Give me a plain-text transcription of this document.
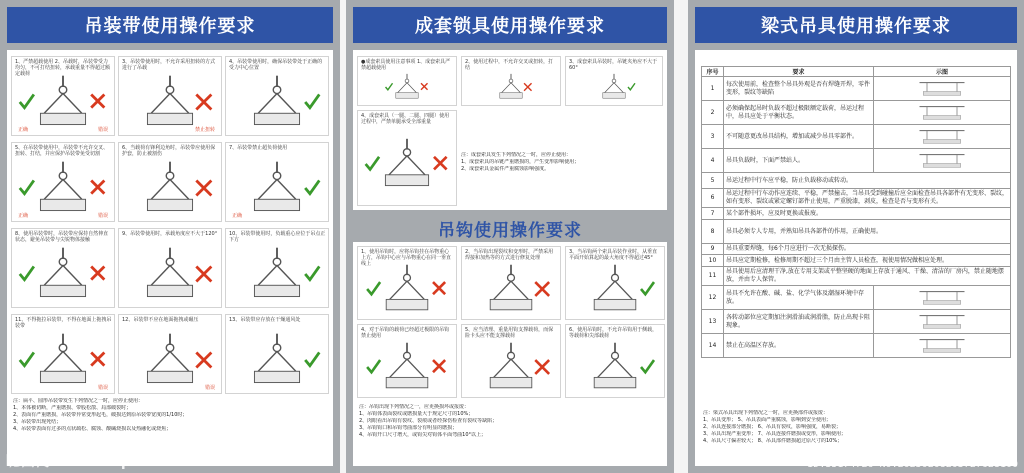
吊装带使用操作要求
1、严禁超载使用 2、吊载时，吊装带受力均匀，不可打结扭转，承载重量不得超过额定载荷
正确	错误
3、吊装带使用时，不允许采用扭转的方式进行了吊载
禁止扭转
4、吊装带使用时，确保吊装带处于正确的受力中心位置
5、在吊装带使用中，吊装带不允许交叉、扭转、打结，并应保护吊装带免受切割
正确	错误
6、当载荷有锋利边角时，吊装带应使用保护套，防止被割伤
7、吊装带禁止超负荷使用
正确
8、使用吊装带时，吊装带应保持自然伸直状态，避免吊装带与尖锐物体接触
9、吊装带使用时，承载角度应不大于120°	10、吊装带使用时，负载重心应位于吊点正下方
11、不得拖拉吊装带，不得在地面上拖拽吊装带
错误
12、吊装带不应在地面拖拽或碾压
错误
13、吊装带应存放在干燥通风处
注：扁平、圆形吊装带发生下列情况之一时，应停止使用：
1、本体被切断，严重磨损、带股松散、局部破裂时；
2、表面有严重磨损，吊装带异常变形起毛，破损达到原吊装带宽度的1/10时；
3、吊装带出现死结；
4、吊装带表面有过多的点状疏松、腐蚀、酸碱烧损以及热融化或烧焦；
昵图网 www.nipic.com
成套锁具使用操作要求
●成套索具使用注意事项 1、成套索具严禁超载使用
2、使用过程中，不允许交叉或扭转，打结
3、成套索具吊装时，吊链夹角应不大于60°
4、成套索具（一腿、二腿、四腿）使用过程中，严禁单腿承受全部重量
注：成套索具发生下列情况之一时，应停止使用：
1、成套索具的吊链严重磨损的，产生变形影响使用；
2、成套索具金属件严重腐蚀影响强度。
吊钩使用操作要求
1、使用吊钩时，应将吊钩挂在吊物重心上方，吊钩中心应与吊物重心在同一垂直线上
2、当吊钩出现裂纹和变形时，严禁采用焊接和加热等的方式进行修复处理
3、当吊钩两个索具吊装作业时，从垂直平面开始算起的最大角度不得超过45°
4、对于吊钩的载荷已经超过极限的吊钩禁止使用
5、应当清理、重量用钩支撑载荷，而保险卡头应不能支撑载荷
6、使用吊钩时，不允许吊钩用于侧载，等载荷和尖部载荷
注：吊钩出现下列情况之一，应更换损坏或报废：
1、吊钩体表面裂纹或磨损量大于规定尺寸的10%；
2、肉眼看出吊钩有裂纹、裂痕或者经探伤检查有裂纹等缺陷；
3、吊钩钩口和吊钩弯曲部分有明显的磨损；
4、吊钩开口尺寸增大，或钩尖对钩体平面弯曲10°以上；
梁式吊具使用操作要求
序号	要求	示图
1	每次使用前，检查整个吊具外观是否有焊缝开焊，零件变形，裂纹等缺陷	
2	必须确保起吊时负载不超过极限额定载荷，吊运过程中，吊具应处于平衡状态。	
3	不可随意更改吊具结构，增加或减少吊具零部件。	
4	吊具负载时，下面严禁站人。	
5	吊运过程中行车应平稳，防止负载移动或转动。	
6	吊运过程中行车动作应连续、平稳，严禁撞击，当吊具受到碰撞后应全面检查吊具各部件有无变形、裂纹，如有变形、裂纹或紧定螺钉部件止使用，严重脱漆，剥皮，检查是否与变形有关。	
7	某个部件损坏，应及时更换或报废。	
8	吊具必须专人专用，并熟知吊具各部件的作用，正确使用。	
9	吊具重要焊缝，每6个月应进行一次无损探伤。	
10	吊具应定期检修，检修周期不超过三个月由主管人员检查，视使用情况做相应处理。	
11	吊具使用后应清理干净,放在专用支架或平整坚硬的地面上存放于通风、干燥、清洁的厂房内，禁止随地摆放，并由专人保管。	
12	吊具不允许在酸、碱、盐、化学气体及潮湿环境中存放。	
13	各转动部位应定期加注润滑油或润滑脂，防止出现卡阻现象。	
14	禁止在高温区存放。	
注：梁式吊具出现下列情况之一时，应更换部件或报废：
1、吊具变形； 5、吊具表面严重腐蚀，影响到安全使用；
2、吊具连接部分磨损； 6、吊具有裂纹，影响强度，易断裂；
3、吊具出现严重变形； 7、吊具连接件磨损或变形，影响使用；
4、吊具尺寸偏差较大； 8、吊具部件磨损超过原尺寸的10%；
ID:35174726 NO:20250208203727628100
